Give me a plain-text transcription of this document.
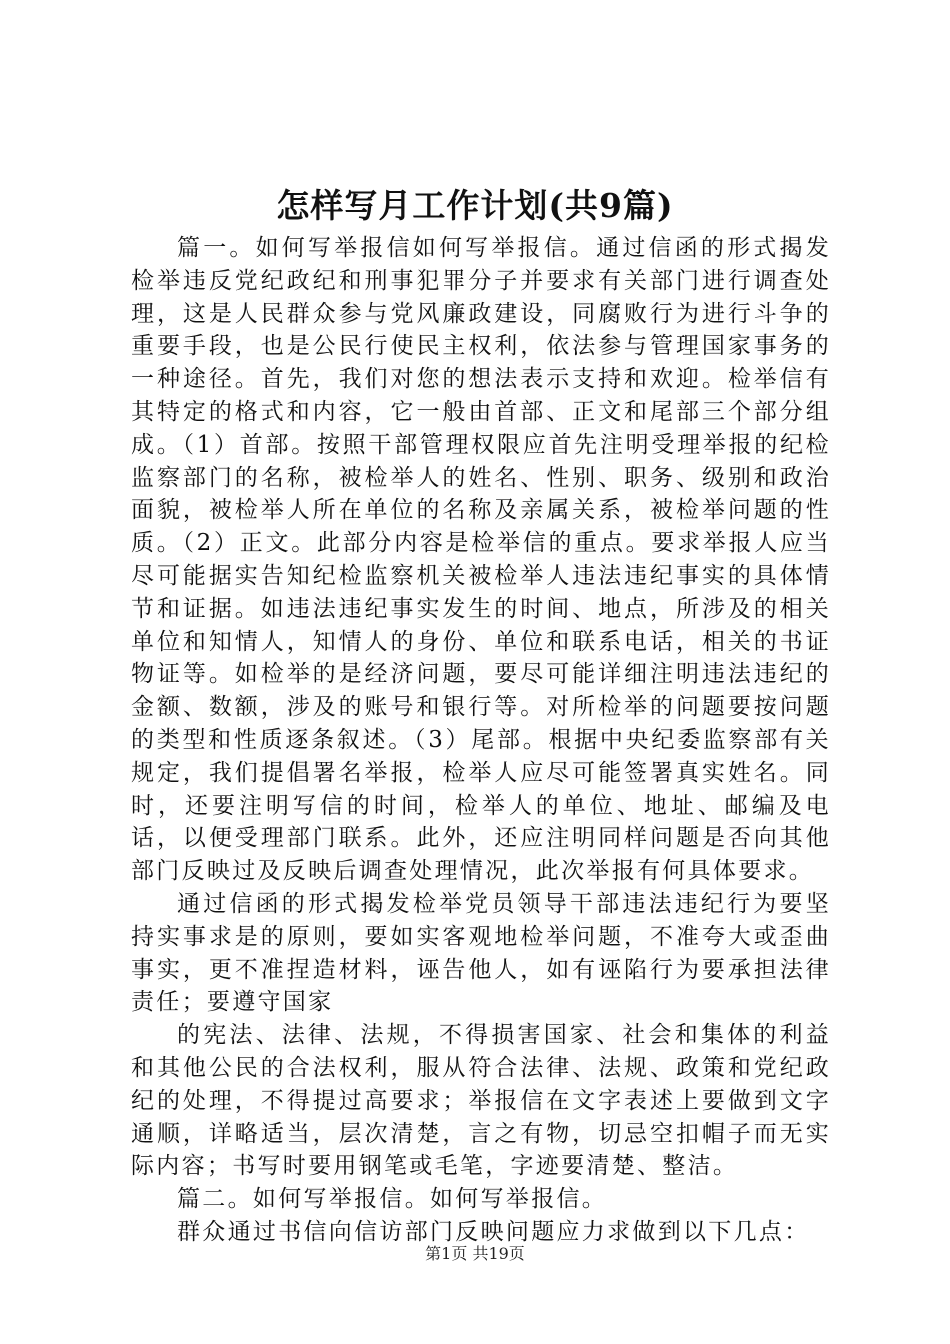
怎样写月工作计划(共9篇)

篇一。如何写举报信如何写举报信。通过信函的形式揭发检举违反党纪政纪和刑事犯罪分子并要求有关部门进行调查处理，这是人民群众参与党风廉政建设，同腐败行为进行斗争的重要手段，也是公民行使民主权利，依法参与管理国家事务的一种途径。首先，我们对您的想法表示支持和欢迎。检举信有其特定的格式和内容，它一般由首部、正文和尾部三个部分组成。（1）首部。按照干部管理权限应首先注明受理举报的纪检监察部门的名称，被检举人的姓名、性别、职务、级别和政治面貌，被检举人所在单位的名称及亲属关系，被检举问题的性质。（2）正文。此部分内容是检举信的重点。要求举报人应当尽可能据实告知纪检监察机关被检举人违法违纪事实的具体情节和证据。如违法违纪事实发生的时间、地点，所涉及的相关单位和知情人，知情人的身份、单位和联系电话，相关的书证物证等。如检举的是经济问题，要尽可能详细注明违法违纪的金额、数额，涉及的账号和银行等。对所检举的问题要按问题的类型和性质逐条叙述。（3）尾部。根据中央纪委监察部有关规定，我们提倡署名举报，检举人应尽可能签署真实姓名。同时，还要注明写信的时间，检举人的单位、地址、邮编及电话，以便受理部门联系。此外，还应注明同样问题是否向其他部门反映过及反映后调查处理情况，此次举报有何具体要求。

通过信函的形式揭发检举党员领导干部违法违纪行为要坚持实事求是的原则，要如实客观地检举问题，不准夸大或歪曲事实，更不准捏造材料，诬告他人，如有诬陷行为要承担法律责任；要遵守国家

的宪法、法律、法规，不得损害国家、社会和集体的利益和其他公民的合法权利，服从符合法律、法规、政策和党纪政纪的处理，不得提过高要求；举报信在文字表述上要做到文字通顺，详略适当，层次清楚，言之有物，切忌空扣帽子而无实际内容；书写时要用钢笔或毛笔，字迹要清楚、整洁。

篇二。如何写举报信。如何写举报信。

群众通过书信向信访部门反映问题应力求做到以下几点：

第1页 共19页
